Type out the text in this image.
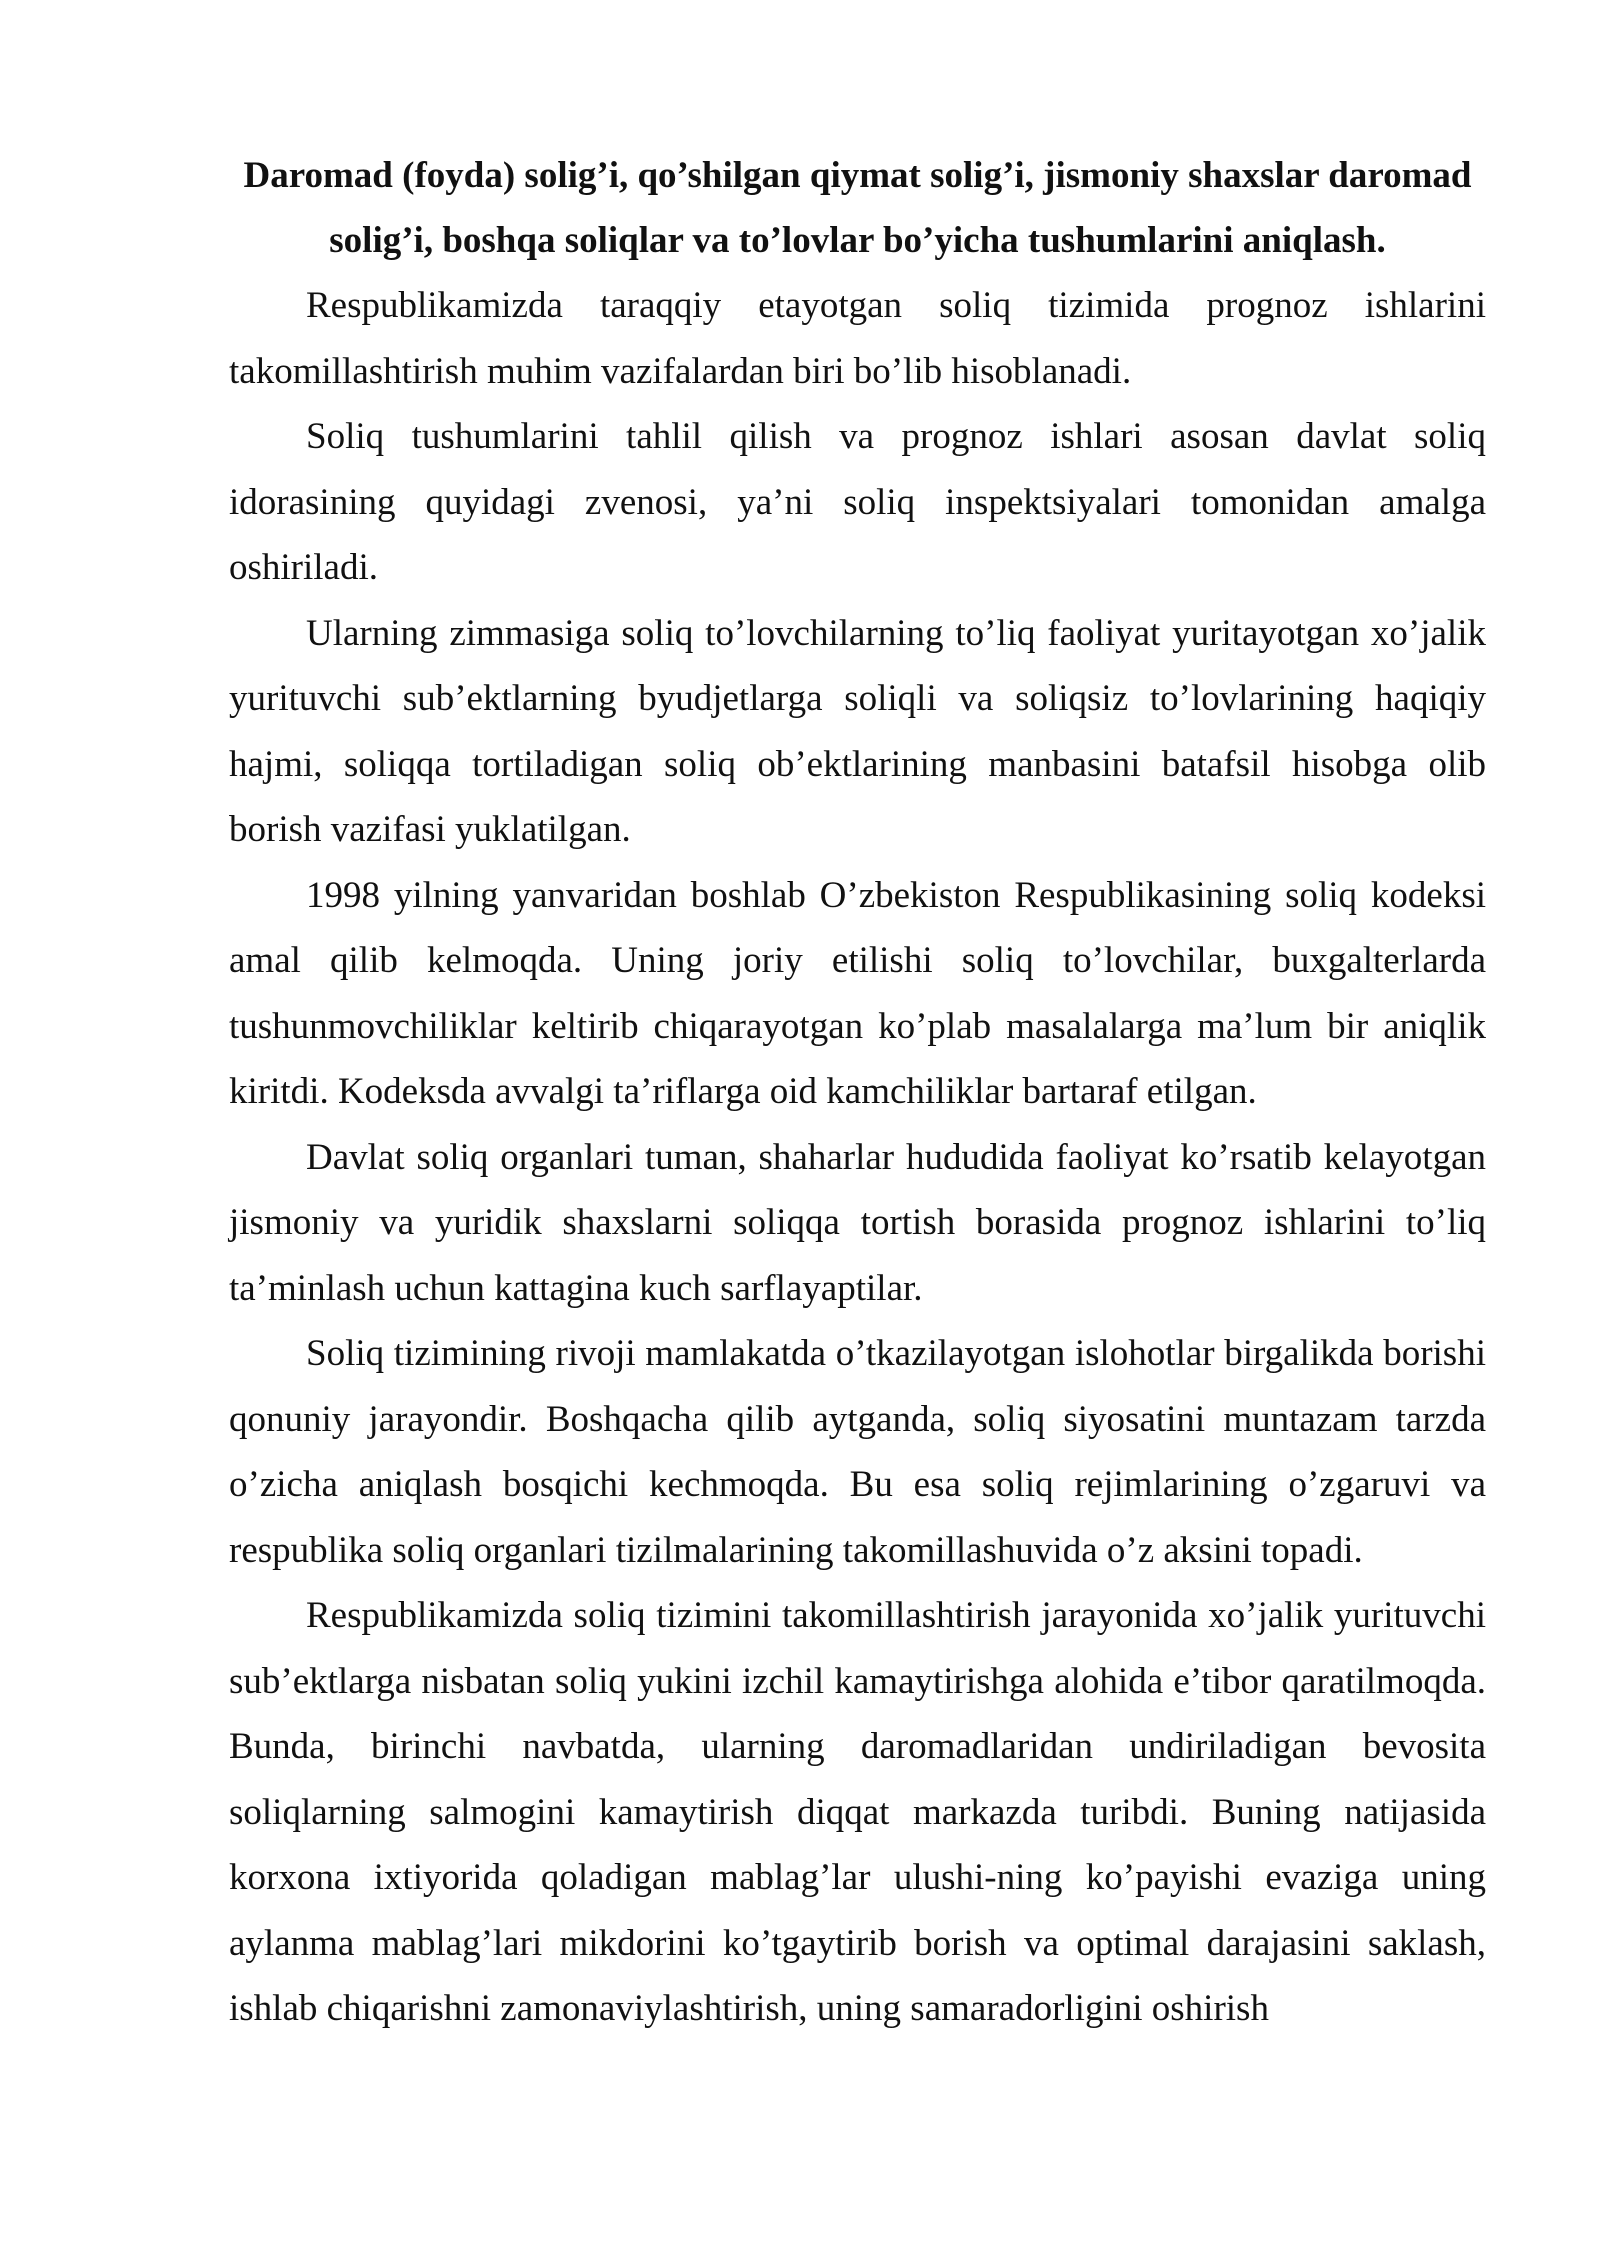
Daromad (foyda) solig’i, qo’shilgan qiymat solig’i, jismoniy shaxslar daromad solig’i, boshqa soliqlar va to’lovlar bo’yicha tushumlarini aniqlash.

Respublikamizda taraqqiy etayotgan soliq tizimida prognoz ishlarini takomillashtirish muhim vazifalardan biri bo’lib hisoblanadi.

Soliq tushumlarini tahlil qilish va prognoz ishlari asosan davlat soliq idorasining quyidagi zvenosi, ya’ni soliq inspektsiyalari tomonidan amalga oshiriladi.

Ularning zimmasiga soliq to’lovchilarning to’liq faoliyat yuritayotgan xo’jalik yurituvchi sub’ektlarning byudjetlarga soliqli va soliqsiz to’lovlarining haqiqiy hajmi, soliqqa tortiladigan soliq ob’ektlarining manbasini batafsil hisobga olib borish vazifasi yuklatilgan.

1998 yilning yanvaridan boshlab O’zbekiston Respublikasining soliq kodeksi amal qilib kelmoqda. Uning joriy etilishi soliq to’lovchilar, buxgalterlarda tushunmovchiliklar keltirib chiqarayotgan ko’plab masalalarga ma’lum bir aniqlik kiritdi. Kodeksda avvalgi ta’riflarga oid kamchiliklar bartaraf etilgan.

Davlat soliq organlari tuman, shaharlar hududida faoliyat ko’rsatib kelayotgan jismoniy va yuridik shaxslarni soliqqa tortish borasida prognoz ishlarini to’liq ta’minlash uchun kattagina kuch sarflayaptilar.

Soliq tizimining rivoji mamlakatda o’tkazilayotgan islohotlar birgalikda borishi qonuniy jarayondir. Boshqacha qilib aytganda, soliq siyosatini muntazam tarzda o’zicha aniqlash bosqichi kechmoqda. Bu esa soliq rejimlarining o’zgaruvi va respublika soliq organlari tizilmalarining takomillashuvida o’z aksini topadi.

Respublikamizda soliq tizimini takomillashtirish jarayonida xo’jalik yurituvchi sub’ektlarga nisbatan soliq yukini izchil kamaytirishga alohida e’tibor qaratilmoqda. Bunda, birinchi navbatda, ularning daromadlaridan undiriladigan bevosita soliqlarning salmogini kamaytirish diqqat markazda turibdi. Buning natijasida korxona ixtiyorida qoladigan mablag’lar ulushi-ning ko’payishi evaziga uning aylanma mablag’lari mikdorini ko’tgaytirib borish va optimal darajasini saklash, ishlab chiqarishni zamonaviylashtirish, uning samaradorligini oshirish
